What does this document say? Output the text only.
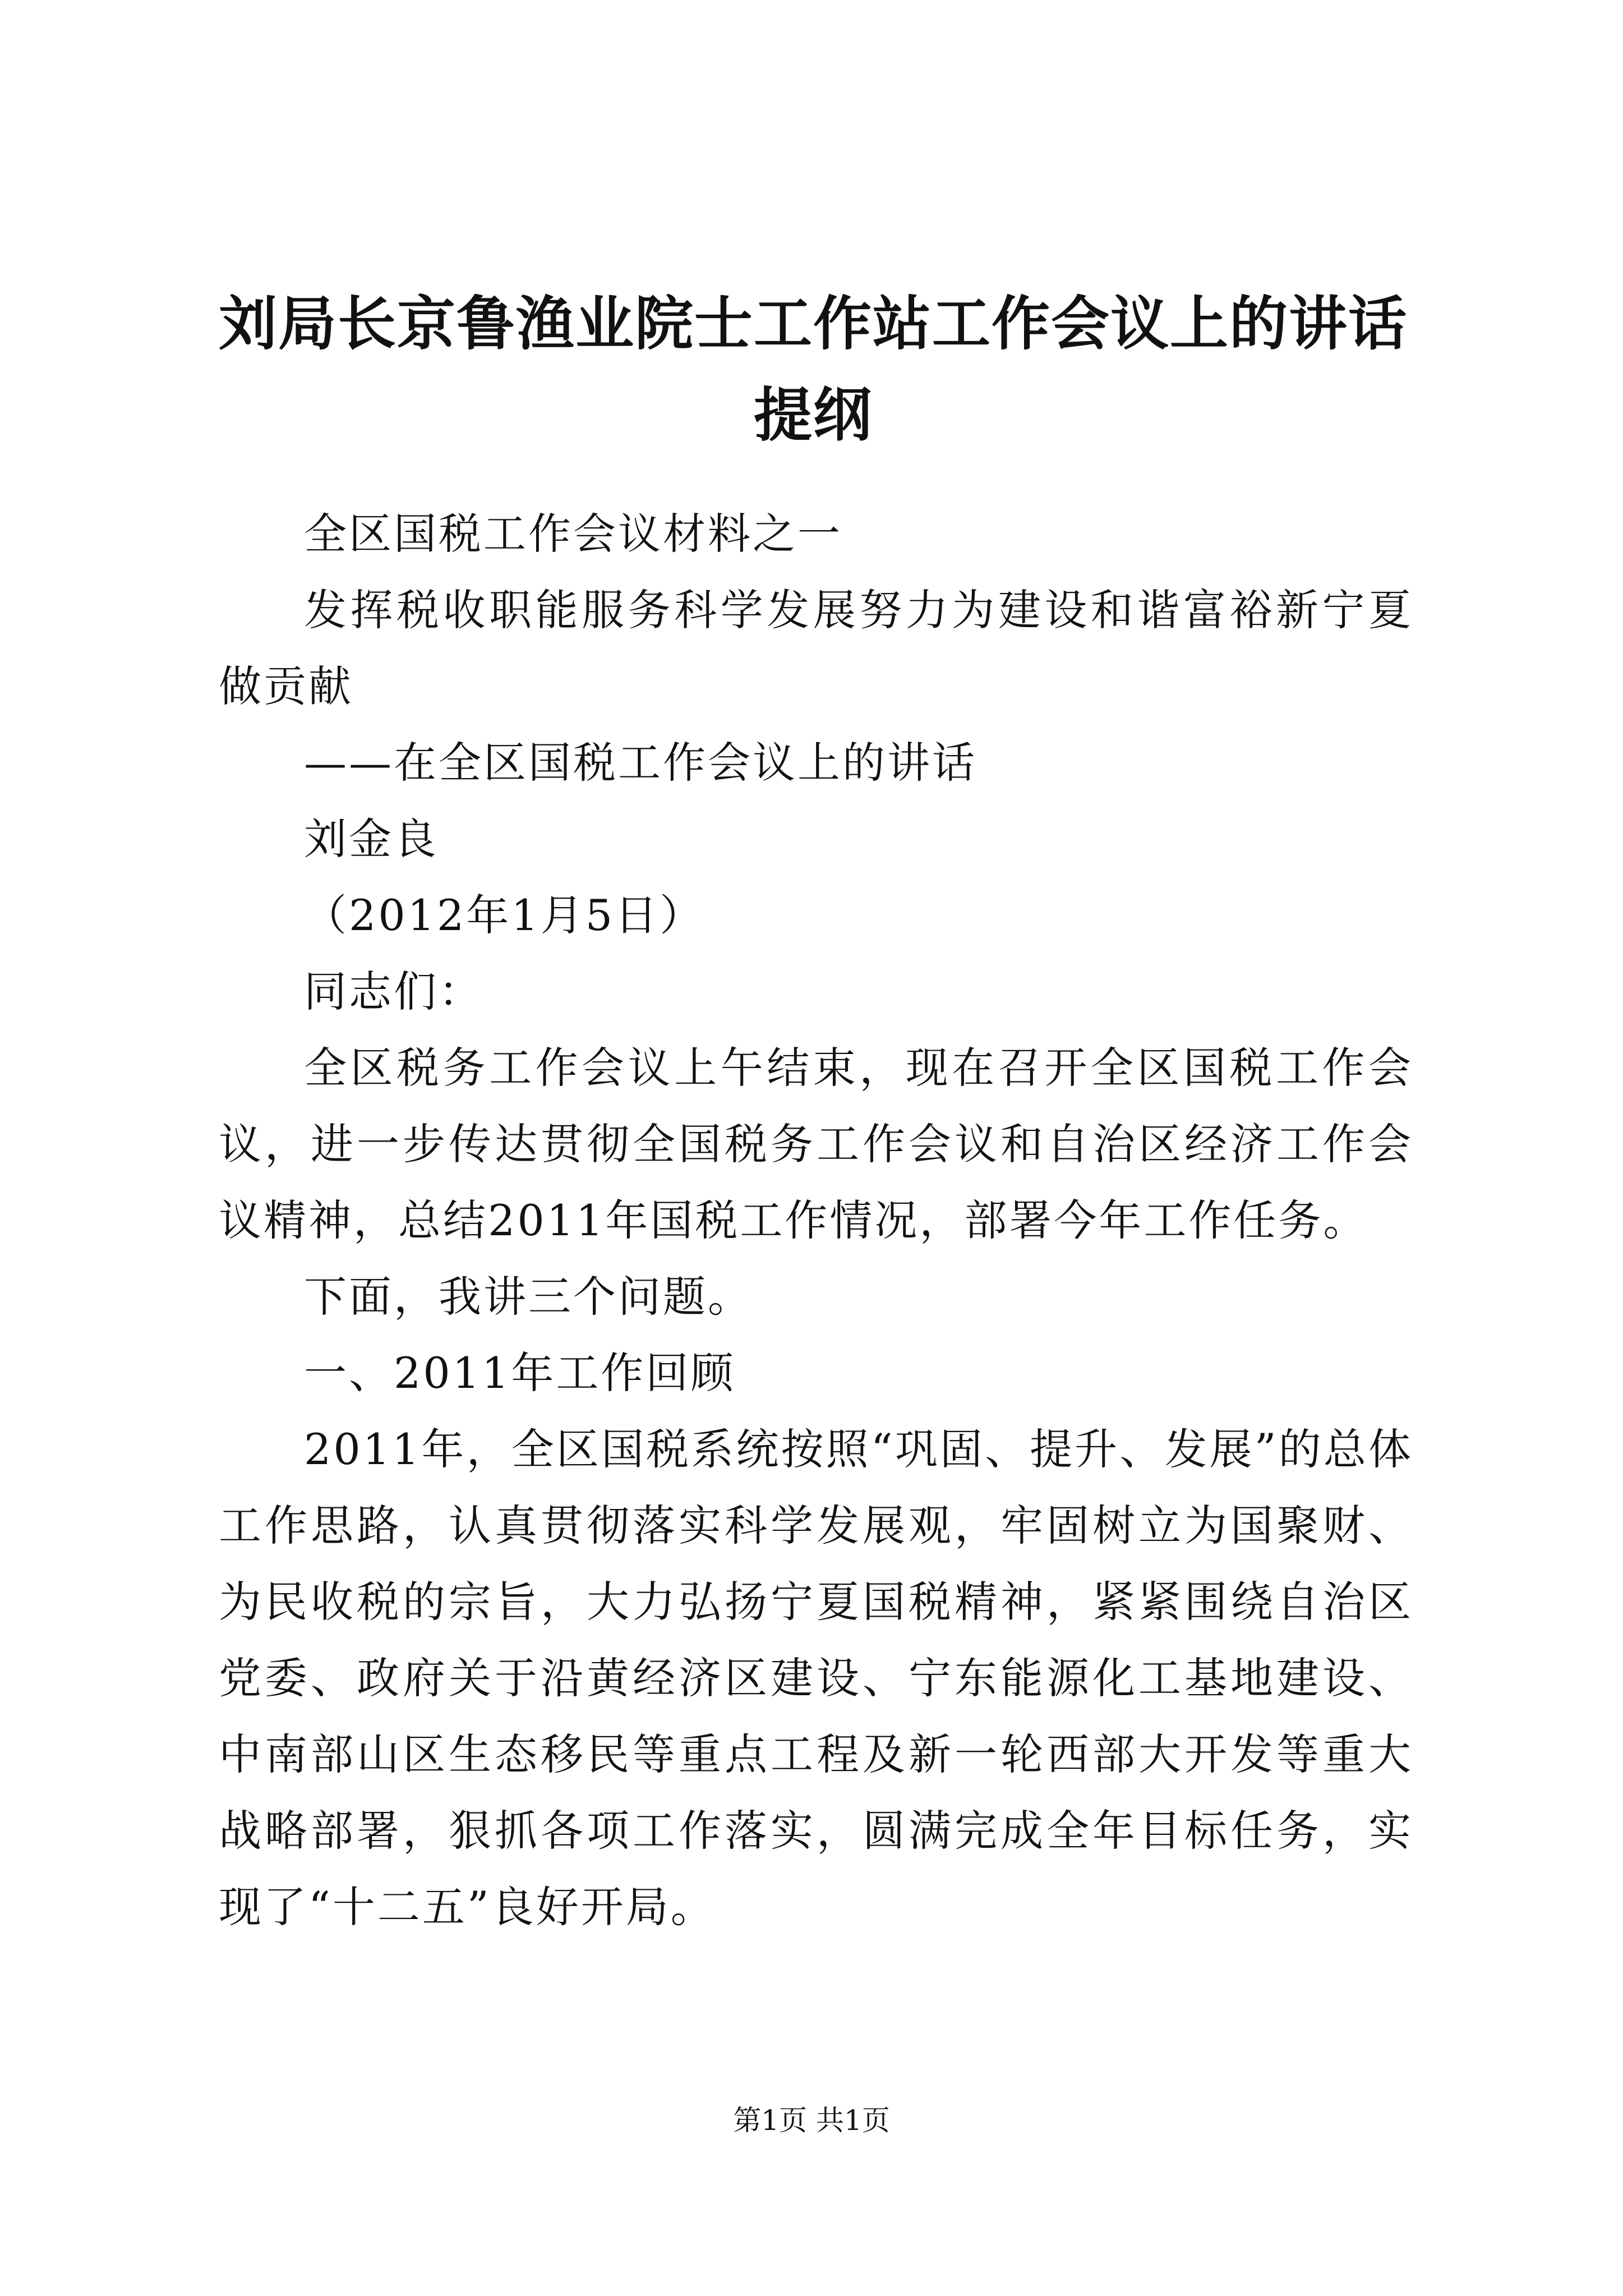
刘局长京鲁渔业院士工作站工作会议上的讲话提纲

全区国税工作会议材料之一

发挥税收职能服务科学发展努力为建设和谐富裕新宁夏做贡献

——在全区国税工作会议上的讲话

刘金良

（2012年1月5日）

同志们：

全区税务工作会议上午结束，现在召开全区国税工作会议，进一步传达贯彻全国税务工作会议和自治区经济工作会议精神，总结2011年国税工作情况，部署今年工作任务。

下面，我讲三个问题。

一、2011年工作回顾

2011年，全区国税系统按照“巩固、提升、发展”的总体工作思路，认真贯彻落实科学发展观，牢固树立为国聚财、为民收税的宗旨，大力弘扬宁夏国税精神，紧紧围绕自治区党委、政府关于沿黄经济区建设、宁东能源化工基地建设、中南部山区生态移民等重点工程及新一轮西部大开发等重大战略部署，狠抓各项工作落实，圆满完成全年目标任务，实现了“十二五”良好开局。

第1页 共1页
